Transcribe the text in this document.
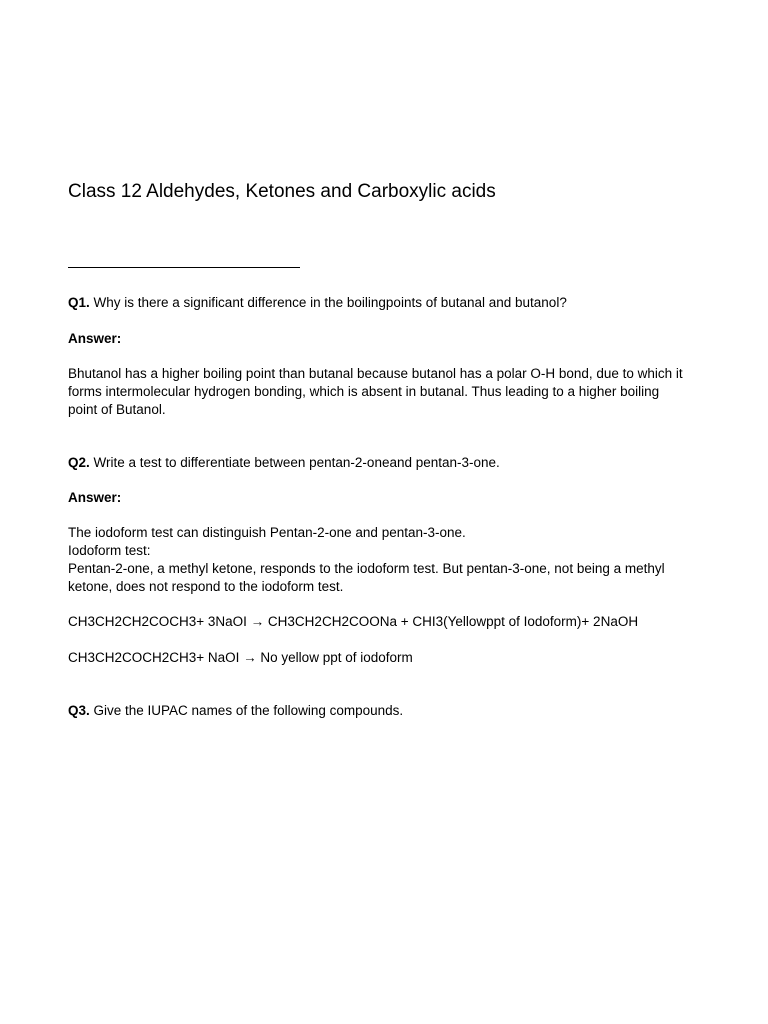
Class 12 Aldehydes, Ketones and Carboxylic acids
Q1. Why is there a significant difference in the boilingpoints of butanal and butanol?
Answer:
Bhutanol has a higher boiling point than butanal because butanol has a polar O-H bond, due to which it
forms intermolecular hydrogen bonding, which is absent in butanal. Thus leading to a higher boiling
point of Butanol.
Q2. Write a test to differentiate between pentan-2-oneand pentan-3-one.
Answer:
The iodoform test can distinguish Pentan-2-one and pentan-3-one.
Iodoform test:
Pentan-2-one, a methyl ketone, responds to the iodoform test. But pentan-3-one, not being a methyl
ketone, does not respond to the iodoform test.
CH3CH2CH2COCH3+ 3NaOI → CH3CH2CH2COONa + CHI3(Yellowppt of Iodoform)+ 2NaOH
CH3CH2COCH2CH3+ NaOI → No yellow ppt of iodoform
Q3. Give the IUPAC names of the following compounds.
